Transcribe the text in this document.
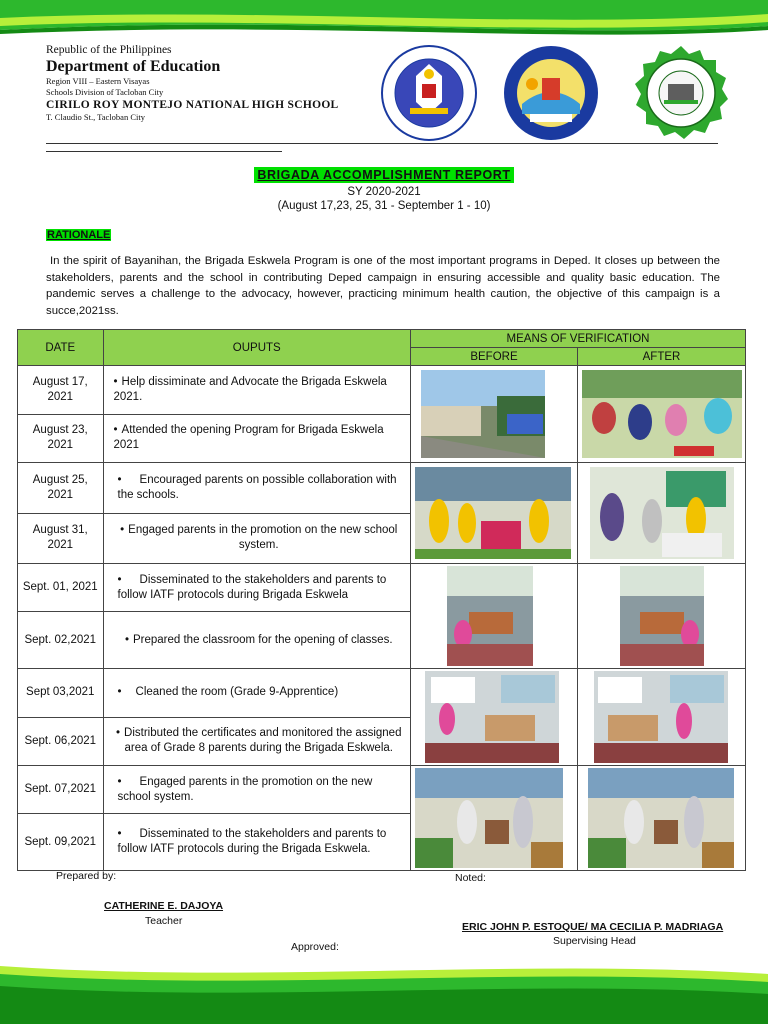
Republic of the Philippines
Department of Education
Region VIII – Eastern Visayas
Schools Division of Tacloban City
CIRILO ROY MONTEJO NATIONAL HIGH SCHOOL
T. Claudio St., Tacloban City
BRIGADA ACCOMPLISHMENT REPORT
SY 2020-2021
(August 17,23, 25, 31 - September 1 - 10)
RATIONALE
In the spirit of Bayanihan, the Brigada Eskwela Program is one of the most important programs in Deped. It closes up between the stakeholders, parents and the school in contributing Deped campaign in ensuring accessible and quality basic education. The pandemic serves a challenge to the advocacy, however, practicing minimum health caution, the objective of this campaign is a succe,2021ss.
DATE	OUPUTS	MEANS OF VERIFICATION	
		BEFORE	AFTER
August 17, 2021	• Help dissiminate and Advocate the Brigada Eskwela 2021.	

August 23, 2021	• Attended the opening Program for Brigada Eskwela 2021
August 25, 2021	• Encouraged parents on possible collaboration with the schools.	

August 31, 2021	• Engaged parents in the promotion on the new school system.
Sept. 01, 2021	• Disseminated to the stakeholders and parents to follow IATF protocols during Brigada Eskwela	

Sept. 02,2021	•Prepared the classroom for the opening of classes.
Sept 03,2021	•Cleaned the room (Grade 9-Apprentice)	

Sept. 06,2021	• Distributed the certificates and monitored the assigned area of Grade 8 parents during the Brigada Eskwela.
Sept. 07,2021	• Engaged parents in the promotion on the new school system.	

Sept. 09,2021	• Disseminated to the stakeholders and parents to follow IATF protocols during the Brigada Eskwela.
Prepared by:
CATHERINE E. DAJOYA
Teacher
Noted:
ERIC JOHN P. ESTOQUE/ MA CECILIA P. MADRIAGA
Supervising Head
Approved:
